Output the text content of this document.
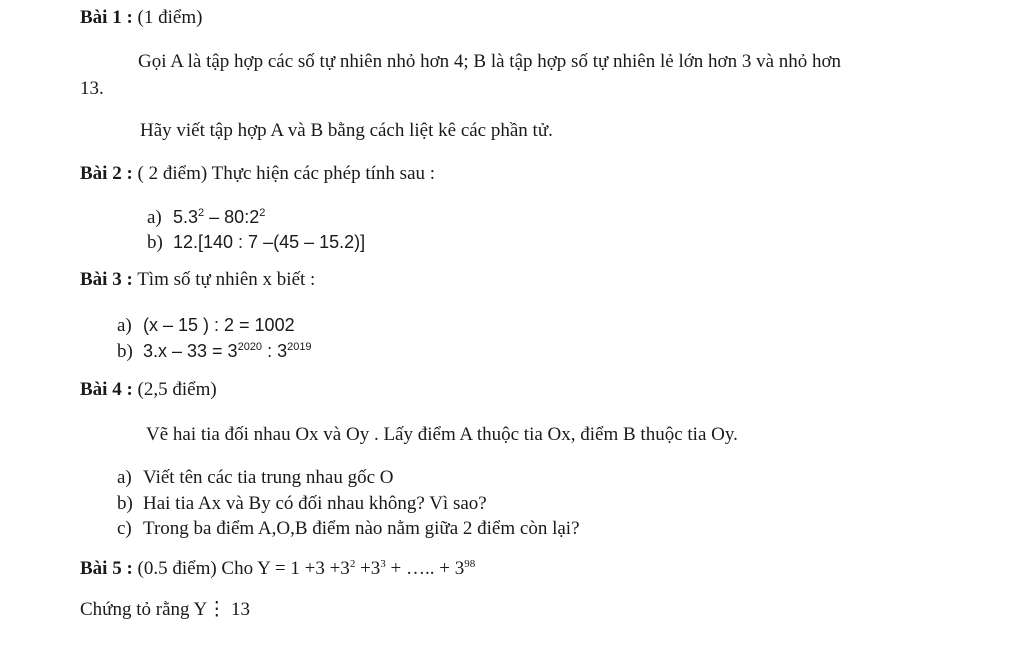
Bài 1 : (1 điểm)
Gọi A là tập hợp các số tự nhiên nhỏ hơn 4; B là tập hợp số tự nhiên lẻ lớn hơn 3 và nhỏ hơn
13.
Hãy viết tập hợp A và B bằng cách liệt kê các phần tử.
Bài 2 : ( 2 điểm) Thực hiện các phép tính sau :
a) $5.3^2$ – $80:2^2$
b) 12.[140 : 7 –(45 – 15.2)]
Bài 3 : Tìm số tự nhiên x biết :
a) (x – 15 ) : 2 = 1002
b) $3.x - 33 = 3^{2020}$ : $3^{2019}$
Bài 4 : (2,5 điểm)
Vẽ hai tia đối nhau Ox và Oy . Lấy điểm A thuộc tia Ox, điểm B thuộc tia Oy.
a) Viết tên các tia trung nhau gốc O
b) Hai tia Ax và By có đối nhau không? Vì sao?
c) Trong ba điểm A,O,B điểm nào nằm giữa 2 điểm còn lại?
Bài 5 : (0.5 điểm) Cho $Y = 1 +3 +3^2 +3^3$ + ….. + $3^{98}$
Chứng tỏ rằng Y⋮ 13
